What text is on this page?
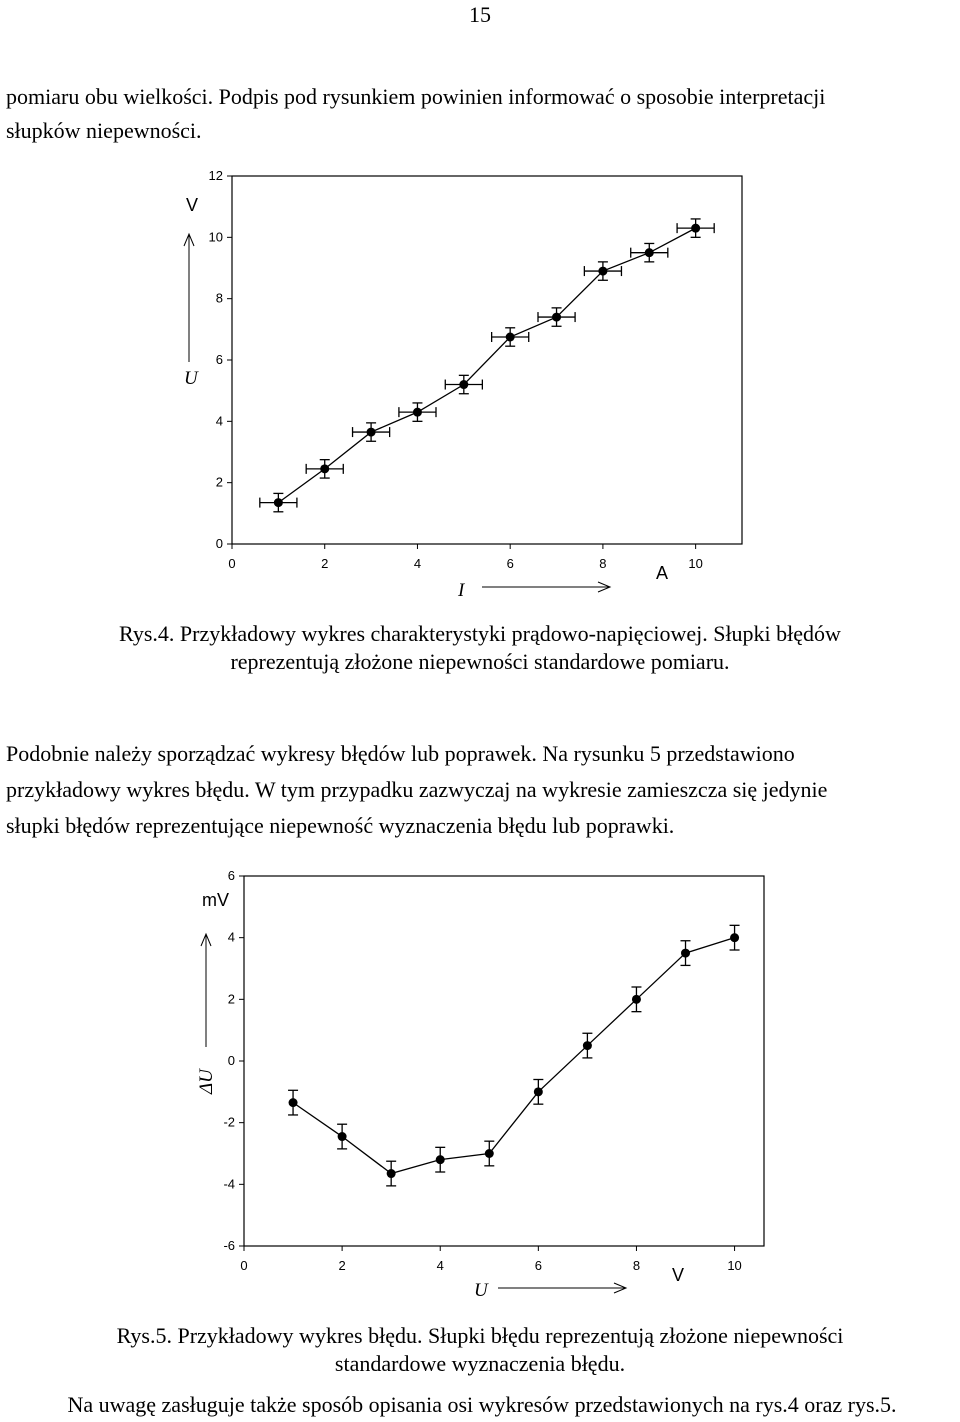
15
pomiaru obu wielkości. Podpis pod rysunkiem powinien informować o sposobie interpretacji
słupków niepewności.
0
2
4
6
8
10
12
0	2	4	6	8	10
V
A
U
I
Rys.4. Przykładowy wykres charakterystyki prądowo-napięciowej. Słupki błędów
reprezentują złożone niepewności standardowe pomiaru.
Podobnie należy sporządzać wykresy błędów lub poprawek. Na rysunku 5 przedstawiono
przykładowy wykres błędu. W tym przypadku zazwyczaj na wykresie zamieszcza się jedynie
słupki błędów reprezentujące niepewność wyznaczenia błędu lub poprawki.
-6
-4
-2
0
2
4
6
0	2	4	6	8	10
mV
V
ΔU
U
Rys.5. Przykładowy wykres błędu. Słupki błędu reprezentują złożone niepewności
standardowe wyznaczenia błędu.
Na uwagę zasługuje także sposób opisania osi wykresów przedstawionych na rys.4 oraz rys.5.
